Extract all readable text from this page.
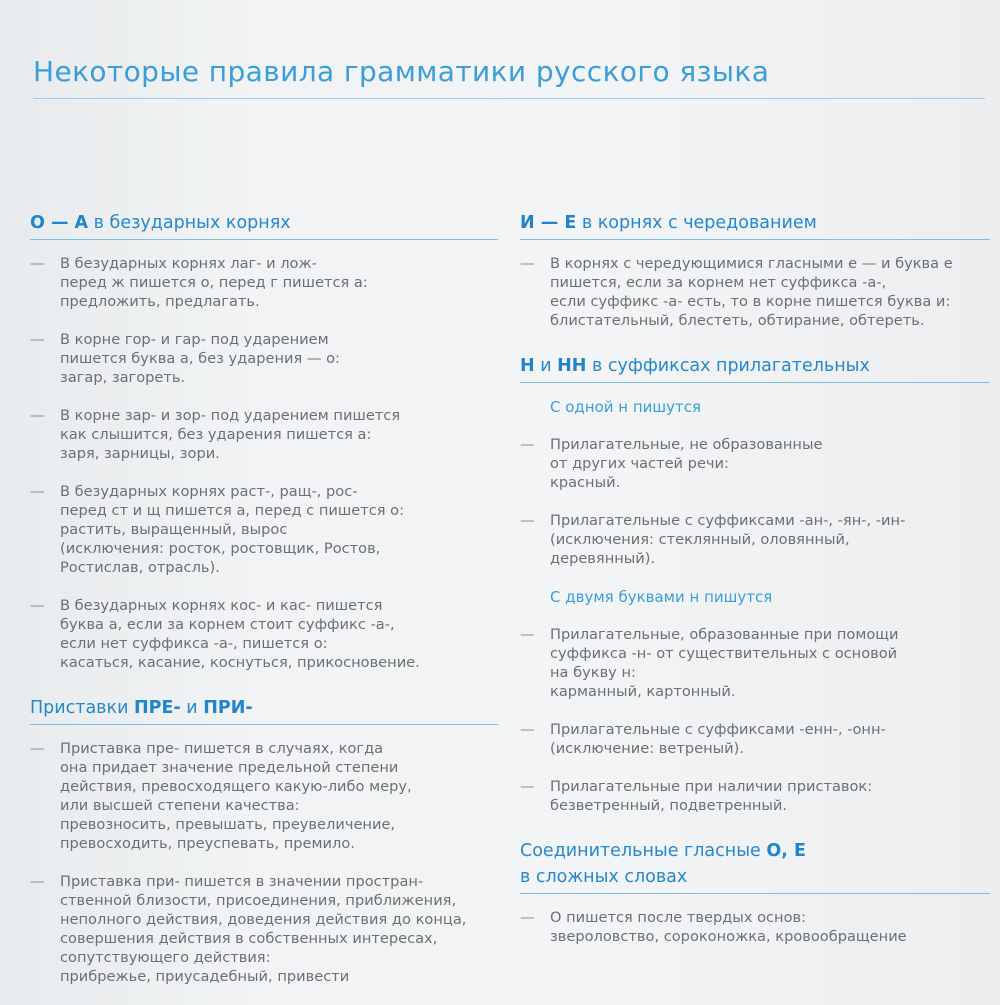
Некоторые правила грамматики русского языка
О — А в безударных корнях
— В безударных корнях лаг- и лож-
перед ж пишется о, перед г пишется а:
предложить, предлагать.
— В корне гор- и гар- под ударением
пишется буква а, без ударения — о:
загар, загореть.
— В корне зар- и зор- под ударением пишется
как слышится, без ударения пишется а:
заря, зарницы, зори.
— В безударных корнях раст-, ращ-, рос-
перед ст и щ пишется а, перед с пишется о:
растить, выращенный, вырос
(исключения: росток, ростовщик, Ростов,
Ростислав, отрасль).
— В безударных корнях кос- и кас- пишется
буква а, если за корнем стоит суффикс -а-,
если нет суффикса -а-, пишется о:
касаться, касание, коснуться, прикосновение.
Приставки ПРЕ- и ПРИ-
— Приставка пре- пишется в случаях, когда
она придает значение предельной степени
действия, превосходящего какую-либо меру,
или высшей степени качества:
превозносить, превышать, преувеличение,
превосходить, преуспевать, премило.
— Приставка при- пишется в значении простран-
ственной близости, присоединения, приближения,
неполного действия, доведения действия до конца,
совершения действия в собственных интересах,
сопутствующего действия:
прибрежье, приусадебный, привести
И — Е в корнях с чередованием
— В корнях с чередующимися гласными е — и буква е
пишется, если за корнем нет суффикса -а-,
если суффикс -а- есть, то в корне пишется буква и:
блистательный, блестеть, обтирание, обтереть.
Н и НН в суффиксах прилагательных
С одной н пишутся
— Прилагательные, не образованные
от других частей речи:
красный.
— Прилагательные с суффиксами -ан-, -ян-, -ин-
(исключения: стеклянный, оловянный,
деревянный).
С двумя буквами н пишутся
— Прилагательные, образованные при помощи
суффикса -н- от существительных с основой
на букву н:
карманный, картонный.
— Прилагательные с суффиксами -енн-, -онн-
(исключение: ветреный).
— Прилагательные при наличии приставок:
безветренный, подветренный.
Соединительные гласные О, Е
в сложных словах
— О пишется после твердых основ:
звероловство, сороконожка, кровообращение
